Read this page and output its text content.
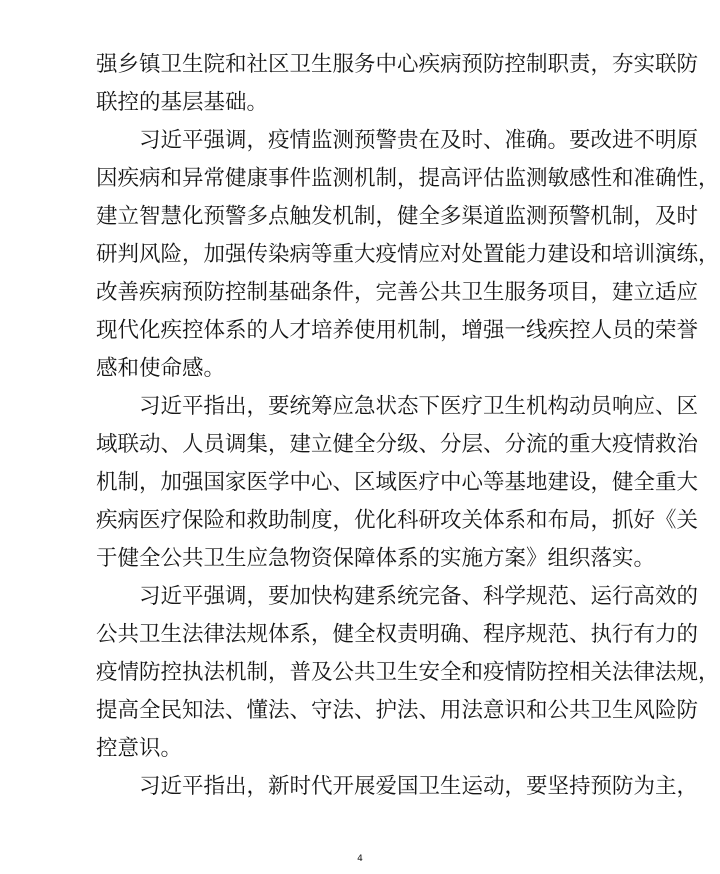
强乡镇卫生院和社区卫生服务中心疾病预防控制职责，夯实联防
联控的基层基础。
习近平强调，疫情监测预警贵在及时、准确。要改进不明原
因疾病和异常健康事件监测机制，提高评估监测敏感性和准确性，
建立智慧化预警多点触发机制，健全多渠道监测预警机制，及时
研判风险，加强传染病等重大疫情应对处置能力建设和培训演练，
改善疾病预防控制基础条件，完善公共卫生服务项目，建立适应
现代化疾控体系的人才培养使用机制，增强一线疾控人员的荣誉
感和使命感。
习近平指出，要统筹应急状态下医疗卫生机构动员响应、区
域联动、人员调集，建立健全分级、分层、分流的重大疫情救治
机制，加强国家医学中心、区域医疗中心等基地建设，健全重大
疾病医疗保险和救助制度，优化科研攻关体系和布局，抓好《关
于健全公共卫生应急物资保障体系的实施方案》组织落实。
习近平强调，要加快构建系统完备、科学规范、运行高效的
公共卫生法律法规体系，健全权责明确、程序规范、执行有力的
疫情防控执法机制，普及公共卫生安全和疫情防控相关法律法规，
提高全民知法、懂法、守法、护法、用法意识和公共卫生风险防
控意识。
习近平指出，新时代开展爱国卫生运动，要坚持预防为主，
4
